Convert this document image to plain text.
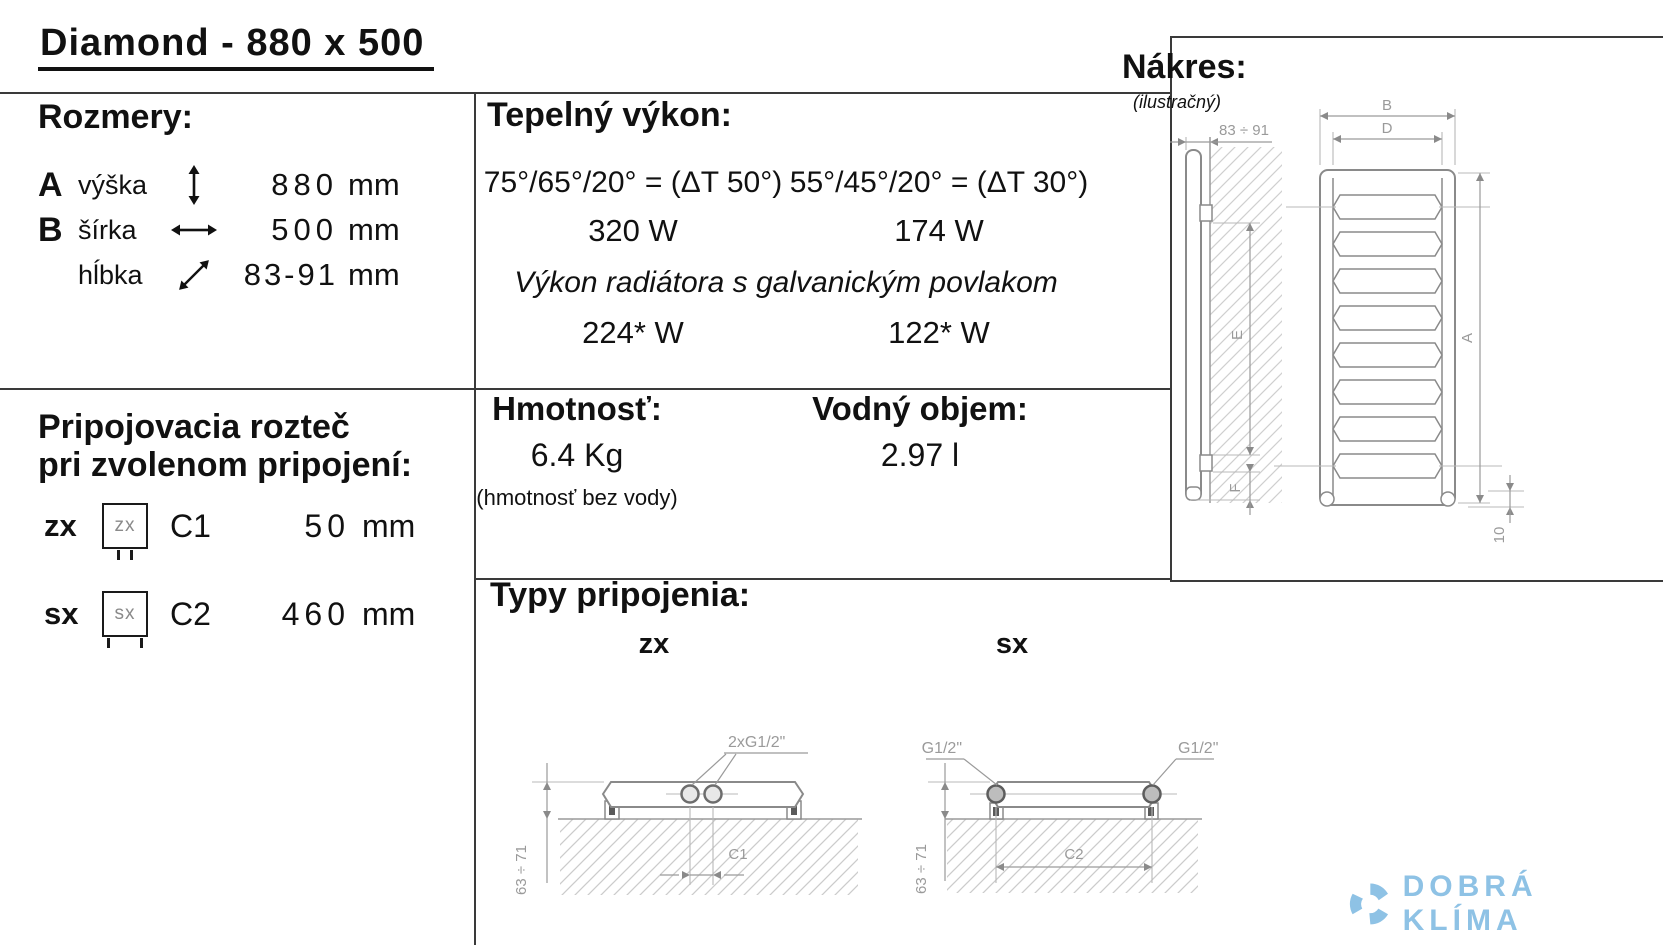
Diamond - 880 x 500
Rozmery:
A výška	880 mm
B šírka	500 mm
hĺbka	83-91 mm
Tepelný výkon:
75°/65°/20° = (ΔT 50°) 55°/45°/20° = (ΔT 30°)
320 W	174 W
Výkon radiátora s galvanickým povlakom
224* W	122* W
Hmotnosť:
6.4 Kg
(hmotnosť bez vody)
Vodný objem:
2.97 l
Pripojovacia rozteč
pri zvolenom pripojení:
zx	zx C1	50 mm
sx	sx C2	460 mm Typy pripojenia:
zx	sx
2xG1/2"
63 ÷ 71	C1
G1/2"	G1/2"
63 ÷ 71	C2
Nákres:
(ilustračný)
83 ÷ 91
E
F
B
D
A
10
DOBRÁ KLÍMA
